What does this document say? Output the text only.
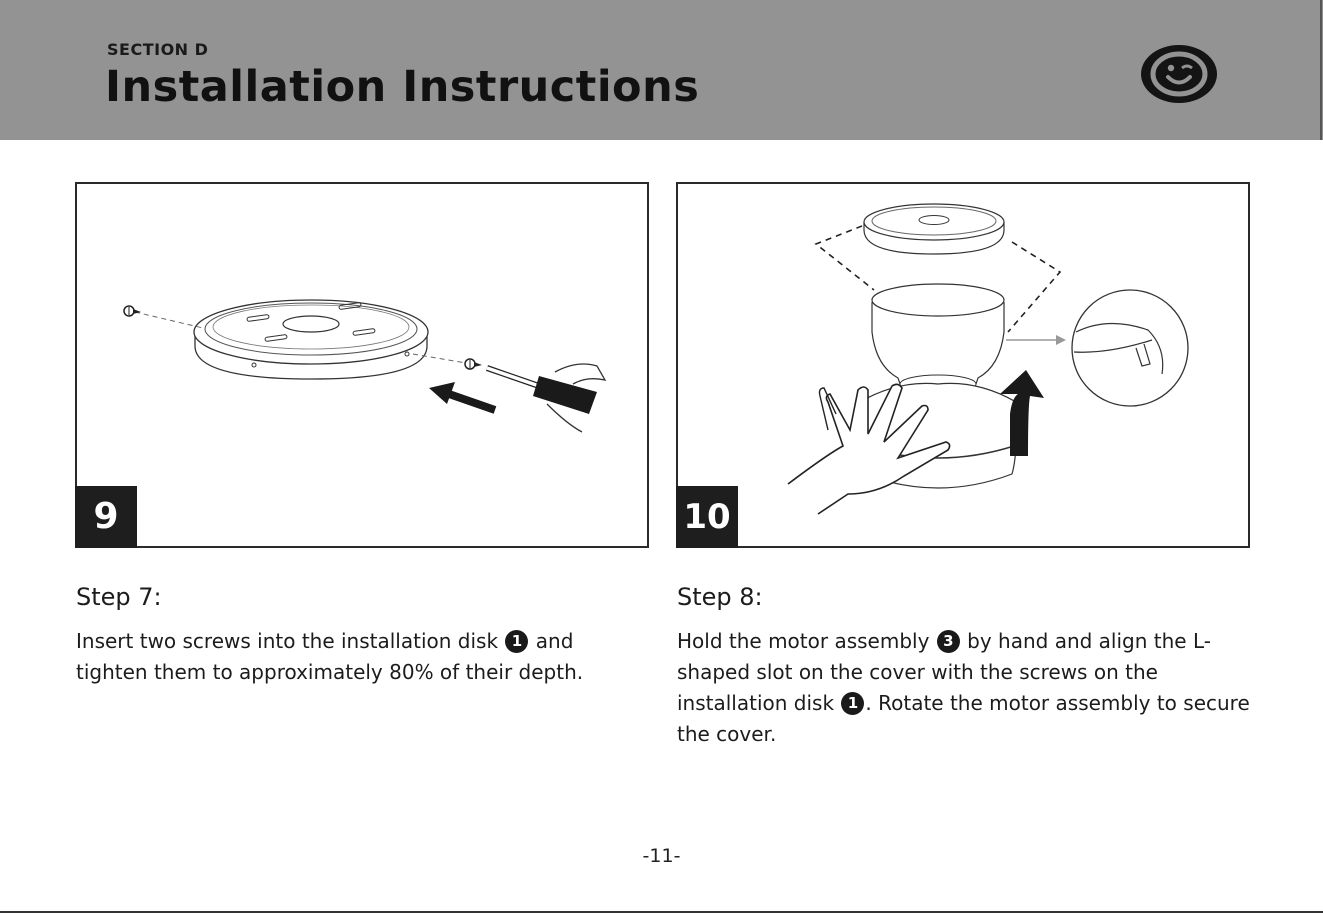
SECTION D
Installation Instructions
9	10
Step 7:
Insert two screws into the installation disk 1 and tighten them to approximately 80% of their depth.
Step 8:
Hold the motor assembly 3 by hand and align the L-shaped slot on the cover with the screws on the installation disk 1 . Rotate the motor assembly to secure the cover.
-11-
